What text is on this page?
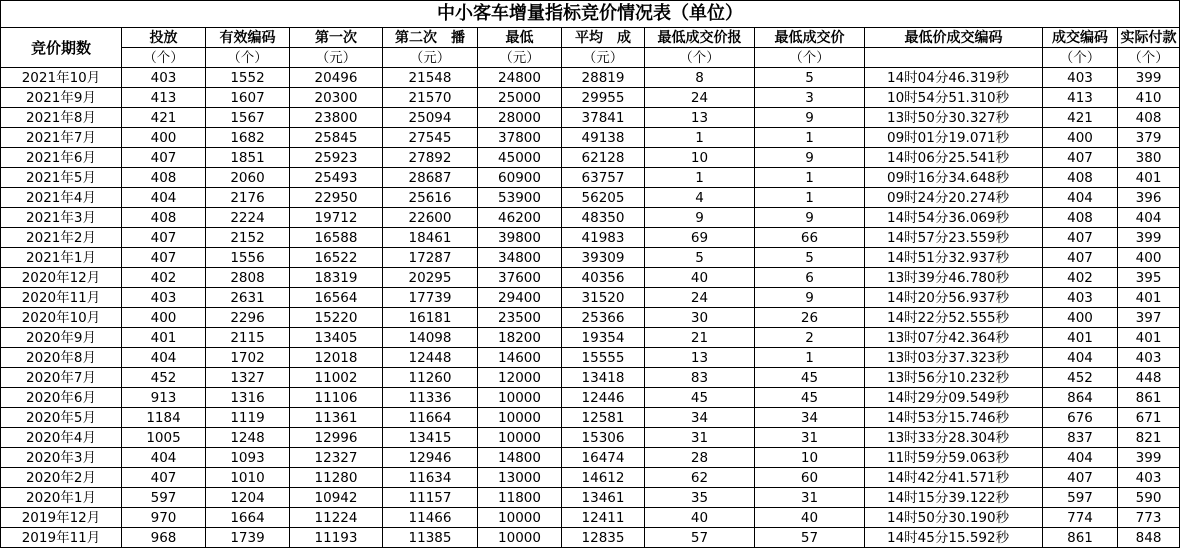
中小客车增量指标竞价情况表（单位）											
竞价期数	投放	有效编码	第一次	第二次　播	最低	平均　成	最低成交价报	最低成交价	最低价成交编码	成交编码	实际付款
	（个）	（个）	（元）	（元）	（元）	（元）	（个）	（个）		（个）	（个）
2021年10月	403	1552	20496	21548	24800	28819	8	5	14时04分46.319秒	403	399
2021年9月	413	1607	20300	21570	25000	29955	24	3	10时54分51.310秒	413	410
2021年8月	421	1567	23800	25094	28000	37841	13	9	13时50分30.327秒	421	408
2021年7月	400	1682	25845	27545	37800	49138	1	1	09时01分19.071秒	400	379
2021年6月	407	1851	25923	27892	45000	62128	10	9	14时06分25.541秒	407	380
2021年5月	408	2060	25493	28687	60900	63757	1	1	09时16分34.648秒	408	401
2021年4月	404	2176	22950	25616	53900	56205	4	1	09时24分20.274秒	404	396
2021年3月	408	2224	19712	22600	46200	48350	9	9	14时54分36.069秒	408	404
2021年2月	407	2152	16588	18461	39800	41983	69	66	14时57分23.559秒	407	399
2021年1月	407	1556	16522	17287	34800	39309	5	5	14时51分32.937秒	407	400
2020年12月	402	2808	18319	20295	37600	40356	40	6	13时39分46.780秒	402	395
2020年11月	403	2631	16564	17739	29400	31520	24	9	14时20分56.937秒	403	401
2020年10月	400	2296	15220	16181	23500	25366	30	26	14时22分52.555秒	400	397
2020年9月	401	2115	13405	14098	18200	19354	21	2	13时07分42.364秒	401	401
2020年8月	404	1702	12018	12448	14600	15555	13	1	13时03分37.323秒	404	403
2020年7月	452	1327	11002	11260	12000	13418	83	45	13时56分10.232秒	452	448
2020年6月	913	1316	11106	11336	10000	12446	45	45	14时29分09.549秒	864	861
2020年5月	1184	1119	11361	11664	10000	12581	34	34	14时53分15.746秒	676	671
2020年4月	1005	1248	12996	13415	10000	15306	31	31	13时33分28.304秒	837	821
2020年3月	404	1093	12327	12946	14800	16474	28	10	11时59分59.063秒	404	399
2020年2月	407	1010	11280	11634	13000	14612	62	60	14时42分41.571秒	407	403
2020年1月	597	1204	10942	11157	11800	13461	35	31	14时15分39.122秒	597	590
2019年12月	970	1664	11224	11466	10000	12411	40	40	14时50分30.190秒	774	773
2019年11月	968	1739	11193	11385	10000	12835	57	57	14时45分15.592秒	861	848
